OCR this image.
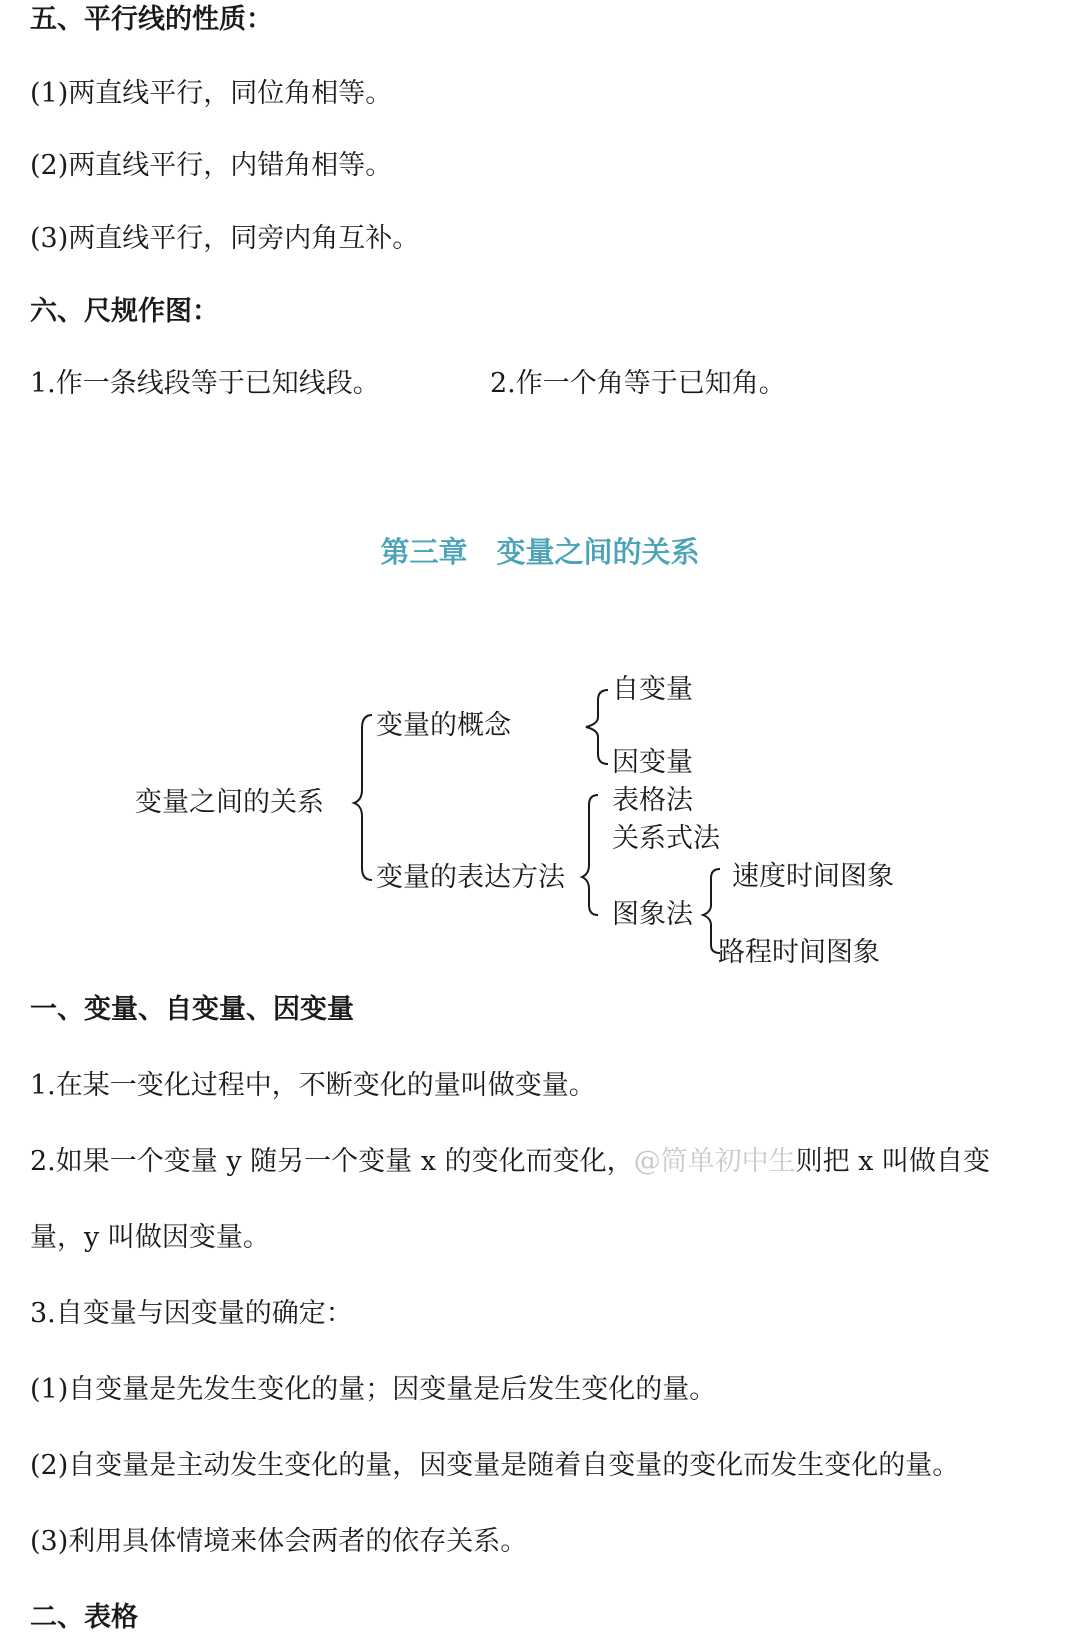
五、平行线的性质：
(1)两直线平行，同位角相等。
(2)两直线平行，内错角相等。
(3)两直线平行，同旁内角互补。
六、尺规作图：
1.作一条线段等于已知线段。	2.作一个角等于已知角。
第三章　变量之间的关系
变量之间的关系
变量的概念
自变量
因变量
变量的表达方法
表格法
关系式法
图象法
速度时间图象
路程时间图象
一、变量、自变量、因变量
1.在某一变化过程中，不断变化的量叫做变量。
2.如果一个变量 y 随另一个变量 x 的变化而变化，@简单初中生则把 x 叫做自变
量，y 叫做因变量。
3.自变量与因变量的确定：
(1)自变量是先发生变化的量；因变量是后发生变化的量。
(2)自变量是主动发生变化的量，因变量是随着自变量的变化而发生变化的量。
(3)利用具体情境来体会两者的依存关系。
二、表格
